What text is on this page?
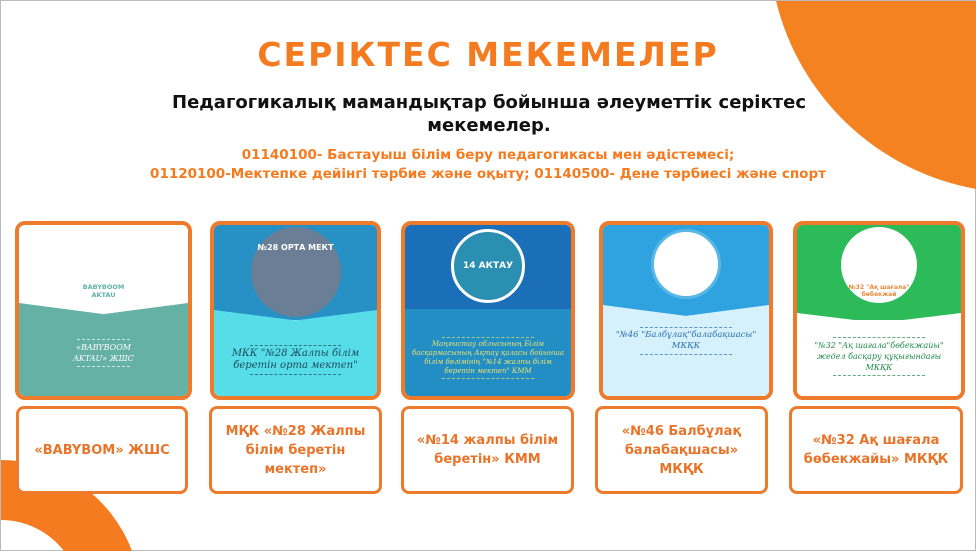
СЕРІКТЕС МЕКЕМЕЛЕР
Педагогикалық мамандықтар бойынша әлеуметтік серіктес мекемелер.
01140100- Бастауыш білім беру педагогикасы мен әдістемесі;
01120100-Мектепке дейінгі тәрбие және оқыту; 01140500- Дене тәрбиесі және спорт
BABYBOOM AKTAU
«BABYBOOM AKTAU» ЖШС
№28 ОРТА МЕКТ
МКК "№28 Жалпы білім беретін орта мектеп"
14 АКТАУ
Маңғыстау облысының Білім басқармасының Ақтау қаласы бойынша білім бөлімінің "№14 жалпы білім беретін мектеп" КММ
"№46 "Балбұлақ"балабақшасы" МКҚК
№32 "Ақ шағала" бөбекжай
"№32 "Ақ шағала"бөбекжайы" жедел басқару құқығындағы МКҚК
«BABYBOM» ЖШС
МҚК «№28 Жалпы білім беретін мектеп»
«№14 жалпы білім беретін» КММ
«№46 Балбұлақ балабақшасы» МКҚК
«№32 Ақ шағала бөбекжайы» МКҚК
